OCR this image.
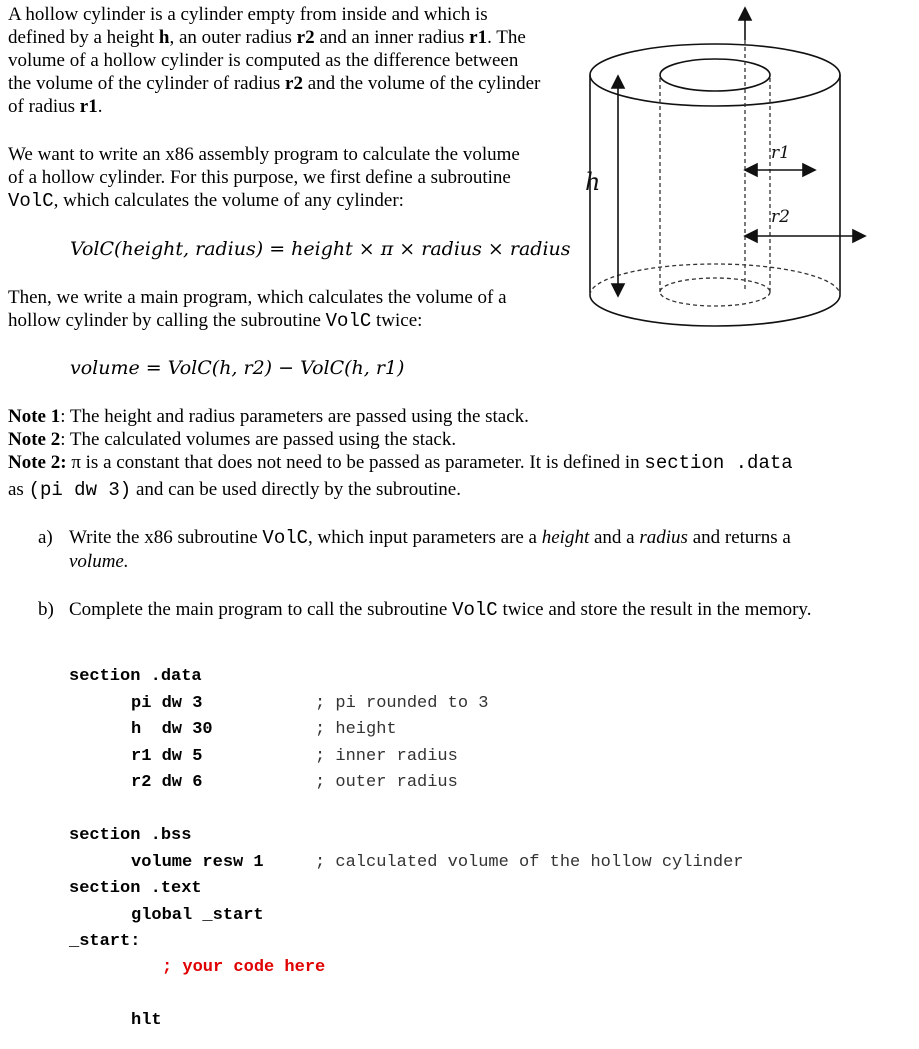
A hollow cylinder is a cylinder empty from inside and which is
defined by a height h, an outer radius r2 and an inner radius r1. The
volume of a hollow cylinder is computed as the difference between
the volume of the cylinder of radius r2 and the volume of the cylinder
of radius r1.
We want to write an x86 assembly program to calculate the volume
of a hollow cylinder. For this purpose, we first define a subroutine
VolC, which calculates the volume of any cylinder:
VolC(height, radius) = height × π × radius × radius
Then, we write a main program, which calculates the volume of a
hollow cylinder by calling the subroutine VolC twice:
volume = VolC(h, r2) − VolC(h, r1)
Note 1: The height and radius parameters are passed using the stack.
Note 2: The calculated volumes are passed using the stack.
Note 2: π is a constant that does not need to be passed as parameter. It is defined in section .data
as (pi dw 3) and can be used directly by the subroutine.
a) Write the x86 subroutine VolC, which input parameters are a height and a radius and returns a
volume.
b) Complete the main program to call the subroutine VolC twice and store the result in the memory.
section .data
pi dw 3	; pi rounded to 3
h  dw 30	; height
r1 dw 5	; inner radius
r2 dw 6	; outer radius
section .bss
volume resw 1	; calculated volume of the hollow cylinder
section .text
global _start
_start:
; your code here
hlt
h
r1
r2
